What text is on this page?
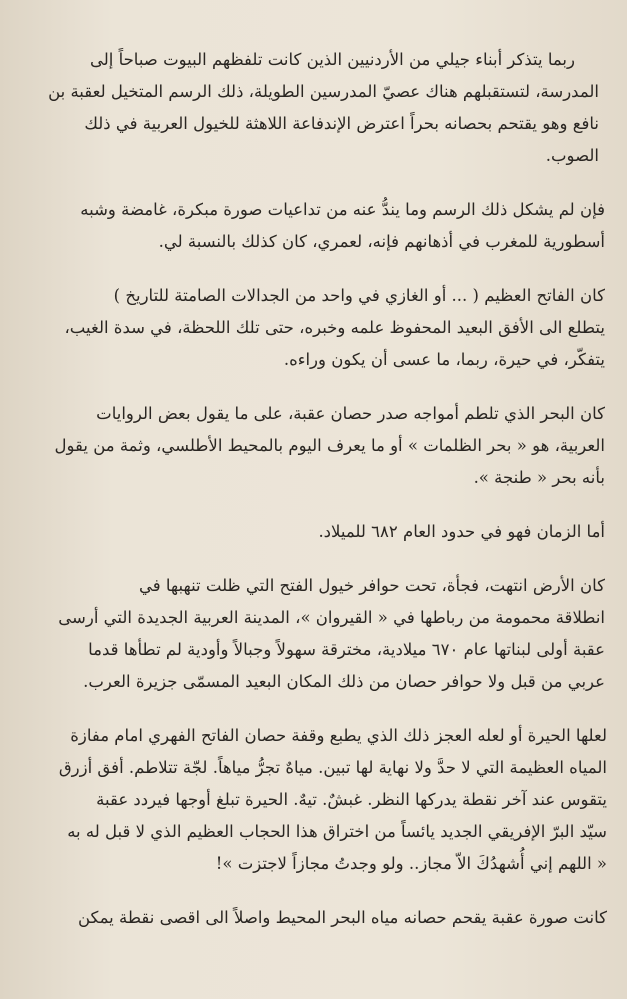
ربما يتذكر أبناء جيلي من الأردنيين الذين كانت تلفظهم البيوت صباحاً إلى
المدرسة، لتستقبلهم هناك عصيّ المدرسين الطويلة، ذلك الرسم المتخيل لعقبة بن
نافع وهو يقتحم بحصانه بحراً اعترض الإندفاعة اللاهثة للخيول العربية في ذلك
الصوب.
فإن لم يشكل ذلك الرسم وما يندُّ عنه من تداعيات صورة مبكرة، غامضة وشبه
أسطورية للمغرب في أذهانهم فإنه، لعمري، كان كذلك بالنسبة لي.
كان الفاتح العظيم ( ... أو الغازي في واحد من الجدالات الصامتة للتاريخ )
يتطلع الى الأفق البعيد المحفوظ علمه وخبره، حتى تلك اللحظة، في سدة الغيب،
يتفكّر، في حيرة، ربما، ما عسى أن يكون وراءه.
كان البحر الذي تلطم أمواجه صدر حصان عقبة، على ما يقول بعض الروايات
العربية، هو « بحر الظلمات » أو ما يعرف اليوم بالمحيط الأطلسي، وثمة من يقول
بأنه بحر « طنجة ».
أما الزمان فهو في حدود العام ٦٨٢ للميلاد.
كان الأرض انتهت، فجأة، تحت حوافر خيول الفتح التي ظلت تنهبها في
انطلاقة محمومة من رباطها في « القيروان »، المدينة العربية الجديدة التي أرسى
عقبة أولى لبناتها عام ٦٧٠ ميلادية، مخترقة سهولاً وجبالاً وأودية لم تطأها قدما
عربي من قبل ولا حوافر حصان من ذلك المكان البعيد المسمّى جزيرة العرب.
لعلها الحيرة أو لعله العجز ذلك الذي يطبع وقفة حصان الفاتح الفهري امام مفازة
المياه العظيمة التي لا حدَّ ولا نهاية لها تبين. مياهٌ تجرُّ مياهاً. لجّة تتلاطم. أفق أزرق
يتقوس عند آخر نقطة يدركها النظر. غبشٌ. تيهٌ. الحيرة تبلغ أوجها فيردد عقبة
سيّد البرّ الإفريقي الجديد يائساً من اختراق هذا الحجاب العظيم الذي لا قبل له به
« اللهم إني أُشهدُكَ الاّ مجاز.. ولو وجدتُ مجازاً لاجتزت »!
كانت صورة عقبة يقحم حصانه مياه البحر المحيط واصلاً الى اقصى نقطة يمكن
